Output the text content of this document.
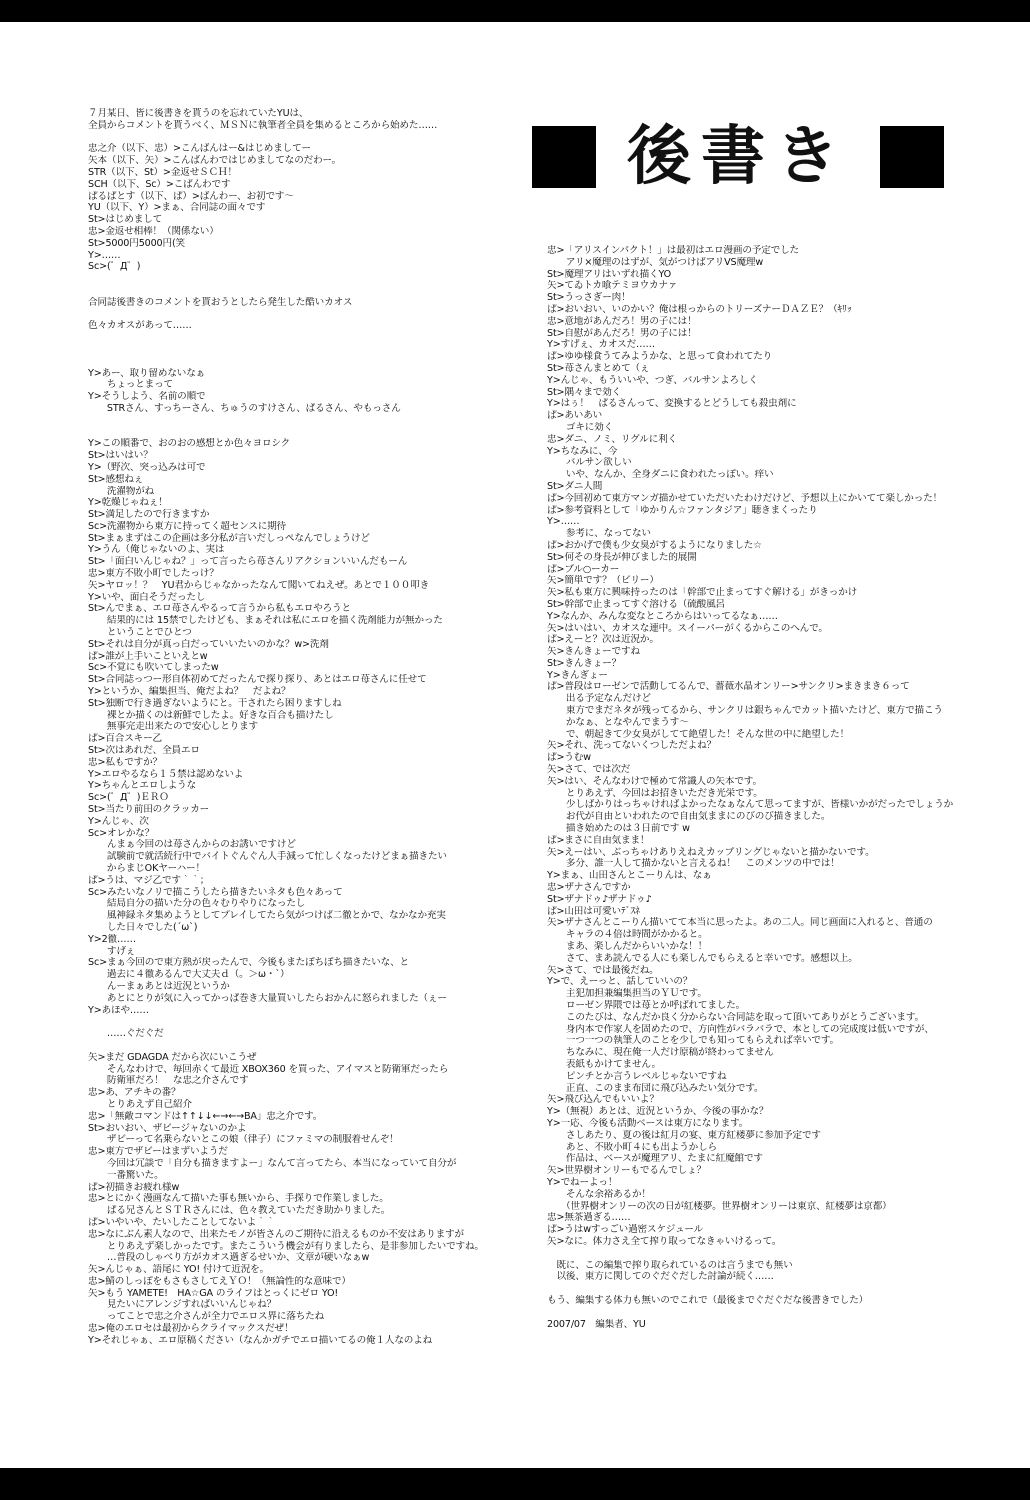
７月某日、皆に後書きを貰うのを忘れていたYUは、
全員からコメントを貰うべく、ＭＳＮに執筆者全員を集めるところから始めた……
忠之介（以下、忠）>こんばんはー&はじめましてー
矢本（以下、矢）>こんばんわではじめましてなのだわー。
STR（以下、St）>金返せＳＣＨ！
SCH（以下、Sc）>こばんわです
ぱるぱとす（以下、ぱ）>ばんわー、お初です～
YU（以下、Y）>まぁ、合同誌の面々です
St>はじめまして
忠>金返せ相棒！（関係ない）
St>5000円5000円(笑
Y>……
Sc>(゜Д゜)
合同誌後書きのコメントを貰おうとしたら発生した酷いカオス
色々カオスがあって……
Y>あー、取り留めないなぁ
　　ちょっとまって
Y>そうしよう、名前の順で
　　STRさん、すっちーさん、ちゅうのすけさん、ぱるさん、やもっさん
Y>この順番で、おのおの感想とか色々ヨロシク
St>はいはい？
Y>（野次、突っ込みは可で
St>感想ねぇ
　　洗濯物がね
Y>乾燥じゃねぇ！
St>満足したので行きますか
Sc>洗濯物から東方に持ってく超センスに期待
St>まぁまずはこの企画は多分私が言いだしっぺなんでしょうけど
Y>うん（俺じゃないのよ、実は
St>「面白いんじゃね？」って言ったら苺さんリアクションいいんだもーん
忠>東方不敗小町でしたっけ？
矢>ヤロッ！？　YU君からじゃなかったなんて聞いてねえぜ。あとで１００叩き
Y>いや、面白そうだったし
St>んでまぁ、エロ苺さんやるって言うから私もエロやろうと
　　結果的には 15禁でしたけども、まぁそれは私にエロを描く洗剤能力が無かった
　　ということでひとつ
St>それは自分が真っ白だっていいたいのかな？w>洗剤
ぱ>誰が上手いこといえとw
Sc>不覚にも吹いてしまったw
St>合同誌っつー形自体初めてだったんで探り探り、あとはエロ苺さんに任せて
Y>というか、編集担当、俺だよね？　だよね？
St>独断で行き過ぎないようにと。干されたら困りますしね
　　裸とか描くのは新鮮でしたよ。好きな百合も描けたし
　　無事完走出来たので安心しとります
ぱ>百合スキー乙
St>次はあれだ、全員エロ
忠>私もですか？
Y>エロやるなら１５禁は認めないよ
Y>ちゃんとエロしような
Sc>(゜Д゜)ＥＲＯ
St>当たり前田のクラッカー
Y>んじゃ、次
Sc>オレかな？
　　んまぁ今回のは苺さんからのお誘いですけど
　　試験前で就活続行中でバイトぐんぐん人手減って忙しくなったけどまぁ描きたい
　　からまじOKヤーハー！
ぱ>うは、マジ乙です｀｀；
Sc>みたいなノリで描こうしたら描きたいネタも色々あって
　　結局自分の描いた分の色々むりやりになったし
　　風神録ネタ集めようとしてプレイしてたら気がつけば二徹とかで、なかなか充実
　　した日々でした(´ω`)
Y>2徹……
　　すげぇ
Sc>まぁ今回ので東方熱が戻ったんで、今後もまたぼちぼち描きたいな、と
　　過去に４徹あるんで大丈夫ｄ（。＞ω・`）
　　んーまぁあとは近況というか
　　あとにとりが気に入ってかっぱ巻き大量買いしたらおかんに怒られました（ぇー
Y>あほや……
　　……ぐだぐだ
矢>まだ GDAGDA だから次にいこうぜ
　　そんなわけで、毎回赤くて最近 XBOX360 を買った、アイマスと防衛軍だったら
　　防衛軍だろ！　な忠之介さんです
忠>あ、アチキの番？
　　とりあえず自己紹介
忠>「無敵コマンドは↑↑↓↓←→←→BA」忠之介です。
St>おいおい、ザビージャないのかよ
　　ザビーって名乗らないとこの娘（律子）にファミマの制服着せんぞ！
忠>東方でザビーはまずいようだ
　　今回は冗談で「自分も描きますよー」なんて言ってたら、本当になっていて自分が
　　一番驚いた。
ぱ>初描きお疲れ様w
忠>とにかく漫画なんて描いた事も無いから、手探りで作業しました。
　　ぱる兄さんとＳＴＲさんには、色々教えていただき助かりました。
ぱ>いやいや、たいしたことしてないよ｀｀
忠>なにぶん素人なので、出来たモノが皆さんのご期待に沿えるものか不安はありますが
　　とりあえず楽しかったです。またこういう機会が有りましたら、是非参加したいですね。
　　…普段のしゃべり方がカオス過ぎるせいか、文章が硬いなぁw
矢>んじゃぁ、語尾に YO! 付けて近況を。
忠>鯖のしっぽをもさもさしてえＹＯ！（無論性的な意味で）
矢>もう YAMETE!　HA☆GA のライフはとっくにゼロ YO!
　　見たいにアレンジすればいいんじゃね？
　　ってことで忠之介さんが全力でエロス界に落ちたね
忠>俺のエロセは最初からクライマックスだぜ！
Y>それじゃぁ、エロ原稿ください（なんかガチでエロ描いてるの俺１人なのよね
後書き
忠>「アリスインパクト！」は最初はエロ漫画の予定でした
　　アリ×魔理のはずが、気がつけばアリVS魔理w
St>魔理アリはいずれ描くYO
矢>てゐトカ喰テミヨウカナァ
St>うっさぎー肉！
ぱ>おいおい、いのかい？俺は根っからのトリーズナーＤＡＺＥ？（ｷﾘｯ
忠>意地があんだろ！男の子には！
St>自慰があんだろ！男の子には！
Y>すげぇ、カオスだ……
ぱ>ゆゆ様食うてみようかな、と思って食われてたり
St>苺さんまとめて（ぇ
Y>んじゃ、もういいや、つぎ、バルサンよろしく
St>隅々まで効く
Y>はぅ！　ぱるさんって、変換するとどうしても殺虫剤に
ぱ>あいあい
　　ゴキに効く
忠>ダニ、ノミ、リグルに利く
Y>ちなみに、今
　　バルサン欲しい
　　いや、なんか、全身ダニに食われたっぽい。痒い
St>ダニ人間
ぱ>今回初めて東方マンガ描かせていただいたわけだけど、予想以上にかいてて楽しかった！
ぱ>参考資料として「ゆかりん☆ファンタジア」聴きまくったり
Y>……
　　参考に、なってない
ぱ>おかげで僕も少女臭がするようになりました☆
St>何その身長が伸びました的展開
ぱ>ブル○ーカー
矢>簡単です？（ビリー）
矢>私も東方に興味持ったのは「幹部で止まってすぐ解ける」がきっかけ
St>幹部で止まってすぐ溶ける（硫酸風呂
Y>なんか、みんな変なところからはいってるなぁ……
矢>はいはい、カオスな連中。スイーパーがくるからこのへんで。
ぱ>えーと？次は近況か。
矢>きんきょーですね
St>きんきょー？
Y>きんぎょー
ぱ>普段はローゼンで活動してるんで、薔薇水晶オンリー>サンクリ>まきまき６って
　　出る予定なんだけど
　　東方でまだネタが残ってるから、サンクリは銀ちゃんでカット描いたけど、東方で描こう
　　かなぁ、となやんでまうす～
　　で、朝起きて少女臭がしてて絶望した！そんな世の中に絶望した！
矢>それ、洗ってないくつしただよね？
ぱ>うむw
矢>さて、では次だ
矢>はい、そんなわけで極めて常識人の矢本です。
　　とりあえず、今回はお招きいただき光栄です。
　　少しばかりはっちゃければよかったなぁなんて思ってますが、皆様いかがだったでしょうか
　　お代が自由といわれたので自由気ままにのびのび描きました。
　　描き始めたのは３日前です w
ぱ>まさに自由気まま！
矢>えーはい、ぶっちゃけありえねえカップリングじゃないと描かないです。
　　多分、誰一人して描かないと言えるね！　このメンツの中では！
Y>まぁ、山田さんとこーりんは、なぁ
忠>ザナさんですか
St>ザナドゥ♪ザナドゥ♪
ぱ>山田は可愛いﾃﾞｽﾈ
矢>ザナさんとこーりん描いてて本当に思ったよ。あの二人。同じ画面に入れると、普通の
　　キャラの４倍は時間がかかると。
　　まあ、楽しんだからいいかな！！
　　さて、まあ読んでる人にも楽しんでもらえると幸いです。感想以上。
矢>さて、では最後だね。
Y>で、えーっと、話していいの？
　　主犯加担兼編集担当のＹＵです。
　　ローゼン界隈では苺とか呼ばれてました。
　　このたびは、なんだか良く分からない合同誌を取って頂いてありがとうございます。
　　身内本で作家人を固めたので、方向性がバラバラで、本としての完成度は低いですが、
　　一つ一つの執筆人のことを少しでも知ってもらえれば幸いです。
　　ちなみに、現在俺一人だけ原稿が終わってません
　　表紙もかけてません。
　　ピンチとか言うレベルじゃないですね
　　正直、このまま布団に飛び込みたい気分です。
矢>飛び込んでもいいよ？
Y>（無視）あとは、近況というか、今後の事かな？
Y>一応、今後も活動ベースは東方になります。
　　さしあたり、夏の後は紅月の宴、東方紅楼夢に参加予定です
　　あと、不敗小町４にも出ようかしら
　　作品は、ベースが魔理アリ、たまに紅魔館です
矢>世界樹オンリーもでるんでしょ？
Y>でねーよっ！
　　そんな余裕あるか！
　　（世界樹オンリーの次の日が紅楼夢。世界樹オンリーは東京、紅楼夢は京都）
忠>無茶過ぎる……
ぱ>うはwすっごい過密スケジュール
矢>なに。体力さえ全て搾り取ってなきゃいけるって。
　既に、この編集で搾り取られているのは言うまでも無い
　以後、東方に関してのぐだぐだした討論が続く……
もう、編集する体力も無いのでこれで（最後までぐだぐだな後書きでした）
2007/07　編集者、YU
